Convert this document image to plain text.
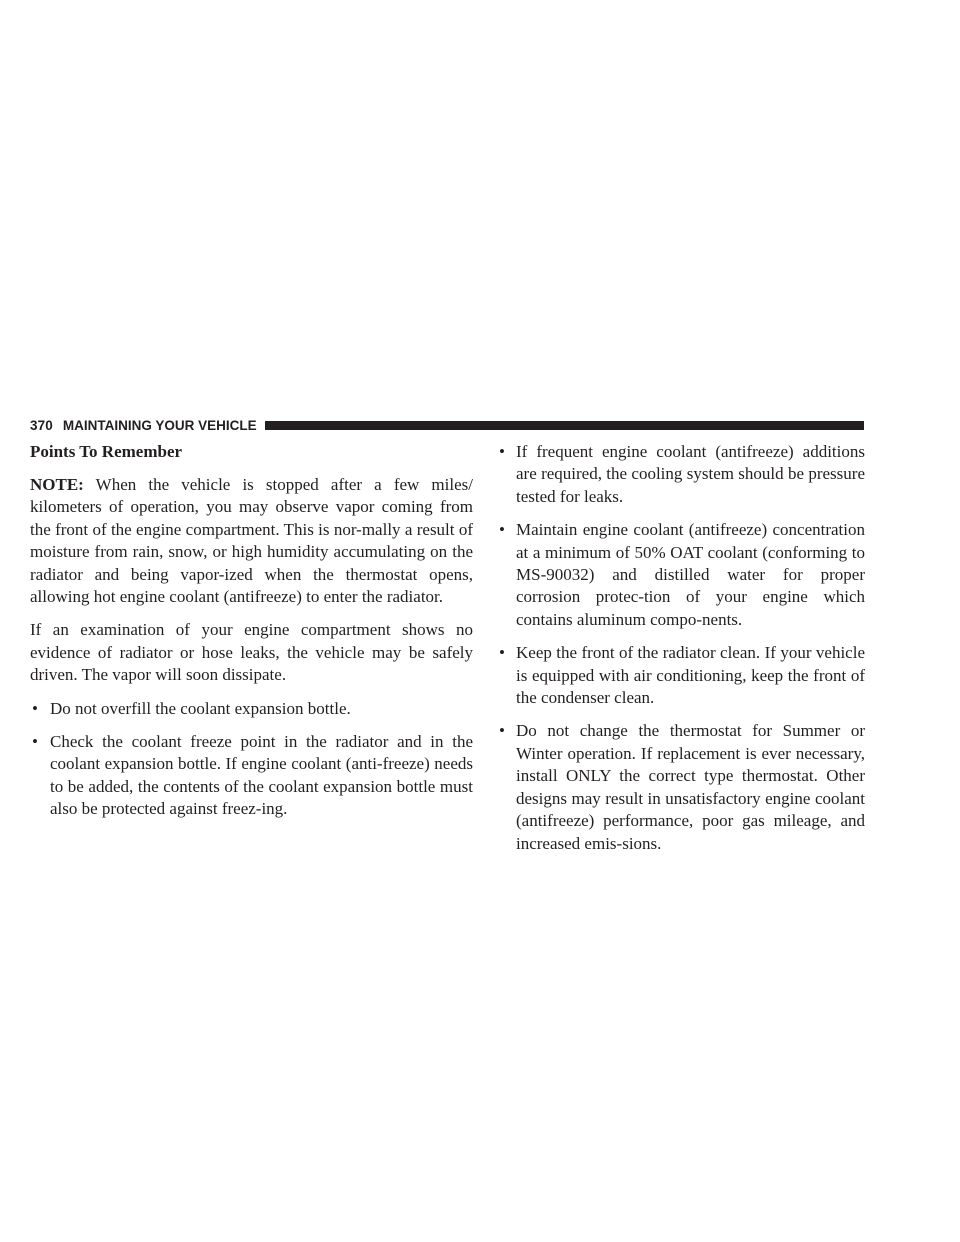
370 MAINTAINING YOUR VEHICLE
Points To Remember

NOTE: When the vehicle is stopped after a few miles/ kilometers of operation, you may observe vapor coming from the front of the engine compartment. This is nor-mally a result of moisture from rain, snow, or high humidity accumulating on the radiator and being vapor-ized when the thermostat opens, allowing hot engine coolant (antifreeze) to enter the radiator.

If an examination of your engine compartment shows no evidence of radiator or hose leaks, the vehicle may be safely driven. The vapor will soon dissipate.

• Do not overfill the coolant expansion bottle.
• Check the coolant freeze point in the radiator and in the coolant expansion bottle. If engine coolant (anti-freeze) needs to be added, the contents of the coolant expansion bottle must also be protected against freez-ing.
• If frequent engine coolant (antifreeze) additions are required, the cooling system should be pressure tested for leaks.
• Maintain engine coolant (antifreeze) concentration at a minimum of 50% OAT coolant (conforming to MS-90032) and distilled water for proper corrosion protec-tion of your engine which contains aluminum compo-nents.
• Keep the front of the radiator clean. If your vehicle is equipped with air conditioning, keep the front of the condenser clean.
• Do not change the thermostat for Summer or Winter operation. If replacement is ever necessary, install ONLY the correct type thermostat. Other designs may result in unsatisfactory engine coolant (antifreeze) performance, poor gas mileage, and increased emis-sions.
